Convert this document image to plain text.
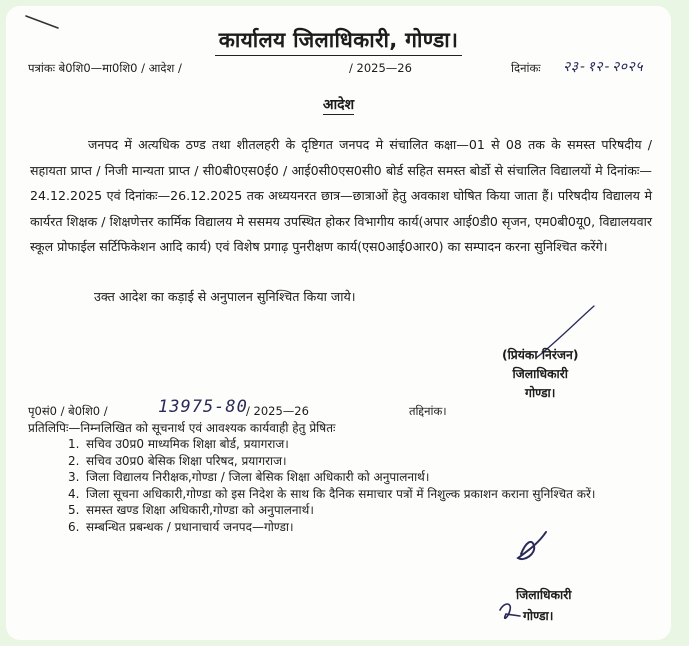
कार्यालय जिलाधिकारी, गोण्डा।
पत्रांकः बे0शि0—मा0शि0 / आदेश /	/ 2025—26	दिनांकः २३-१२-२०२५
आदेश

जनपद में अत्यधिक ठण्ड तथा शीतलहरी के दृष्टिगत जनपद मे संचालित कक्षा—01 से 08 तक के समस्त परिषदीय / सहायता प्राप्त / निजी मान्यता प्राप्त / सी0बी0एस0ई0 / आई0सी0एस0सी0 बोर्ड सहित समस्त बोर्डो से संचालित विद्यालयों मे दिनांकः—24.12.2025 एवं दिनांकः—26.12.2025 तक अध्ययनरत छात्र—छात्राओं हेतु अवकाश घोषित किया जाता हैं। परिषदीय विद्यालय मे कार्यरत शिक्षक / शिक्षणेत्तर कार्मिक विद्यालय मे ससमय उपस्थित होकर विभागीय कार्य(अपार आई0डी0 सृजन, एम0बी0यू0, विद्यालयवार स्कूल प्रोफाईल सर्टिफिकेशन आदि कार्य) एवं विशेष प्रगाढ़ पुनरीक्षण कार्य(एस0आई0आर0) का सम्पादन करना सुनिश्चित करेंगे।

उक्त आदेश का कड़ाई से अनुपालन सुनिश्चित किया जाये।
(प्रियंका निरंजन)
जिलाधिकारी
गोण्डा।
पृ0सं0 / बे0शि0 /	13975-80
/ 2025—26	तद्दिनांक।
प्रतिलिपिः—निम्नलिखित को सूचनार्थ एवं आवश्यक कार्यवाही हेतु प्रेषितः
1. सचिव उ0प्र0 माध्यमिक शिक्षा बोर्ड, प्रयागराज।
2. सचिव उ0प्र0 बेसिक शिक्षा परिषद, प्रयागराज।
3. जिला विद्यालय निरीक्षक,गोण्डा / जिला बेसिक शिक्षा अधिकारी को अनुपालनार्थ।
4. जिला सूचना अधिकारी,गोण्डा को इस निदेश के साथ कि दैनिक समाचार पत्रों में निशुल्क प्रकाशन कराना सुनिश्चित करें।
5. समस्त खण्ड शिक्षा अधिकारी,गोण्डा को अनुपालनार्थ।
6. सम्बन्धित प्रबन्धक / प्रधानाचार्य जनपद—गोण्डा।
जिलाधिकारी
गोण्डा।
